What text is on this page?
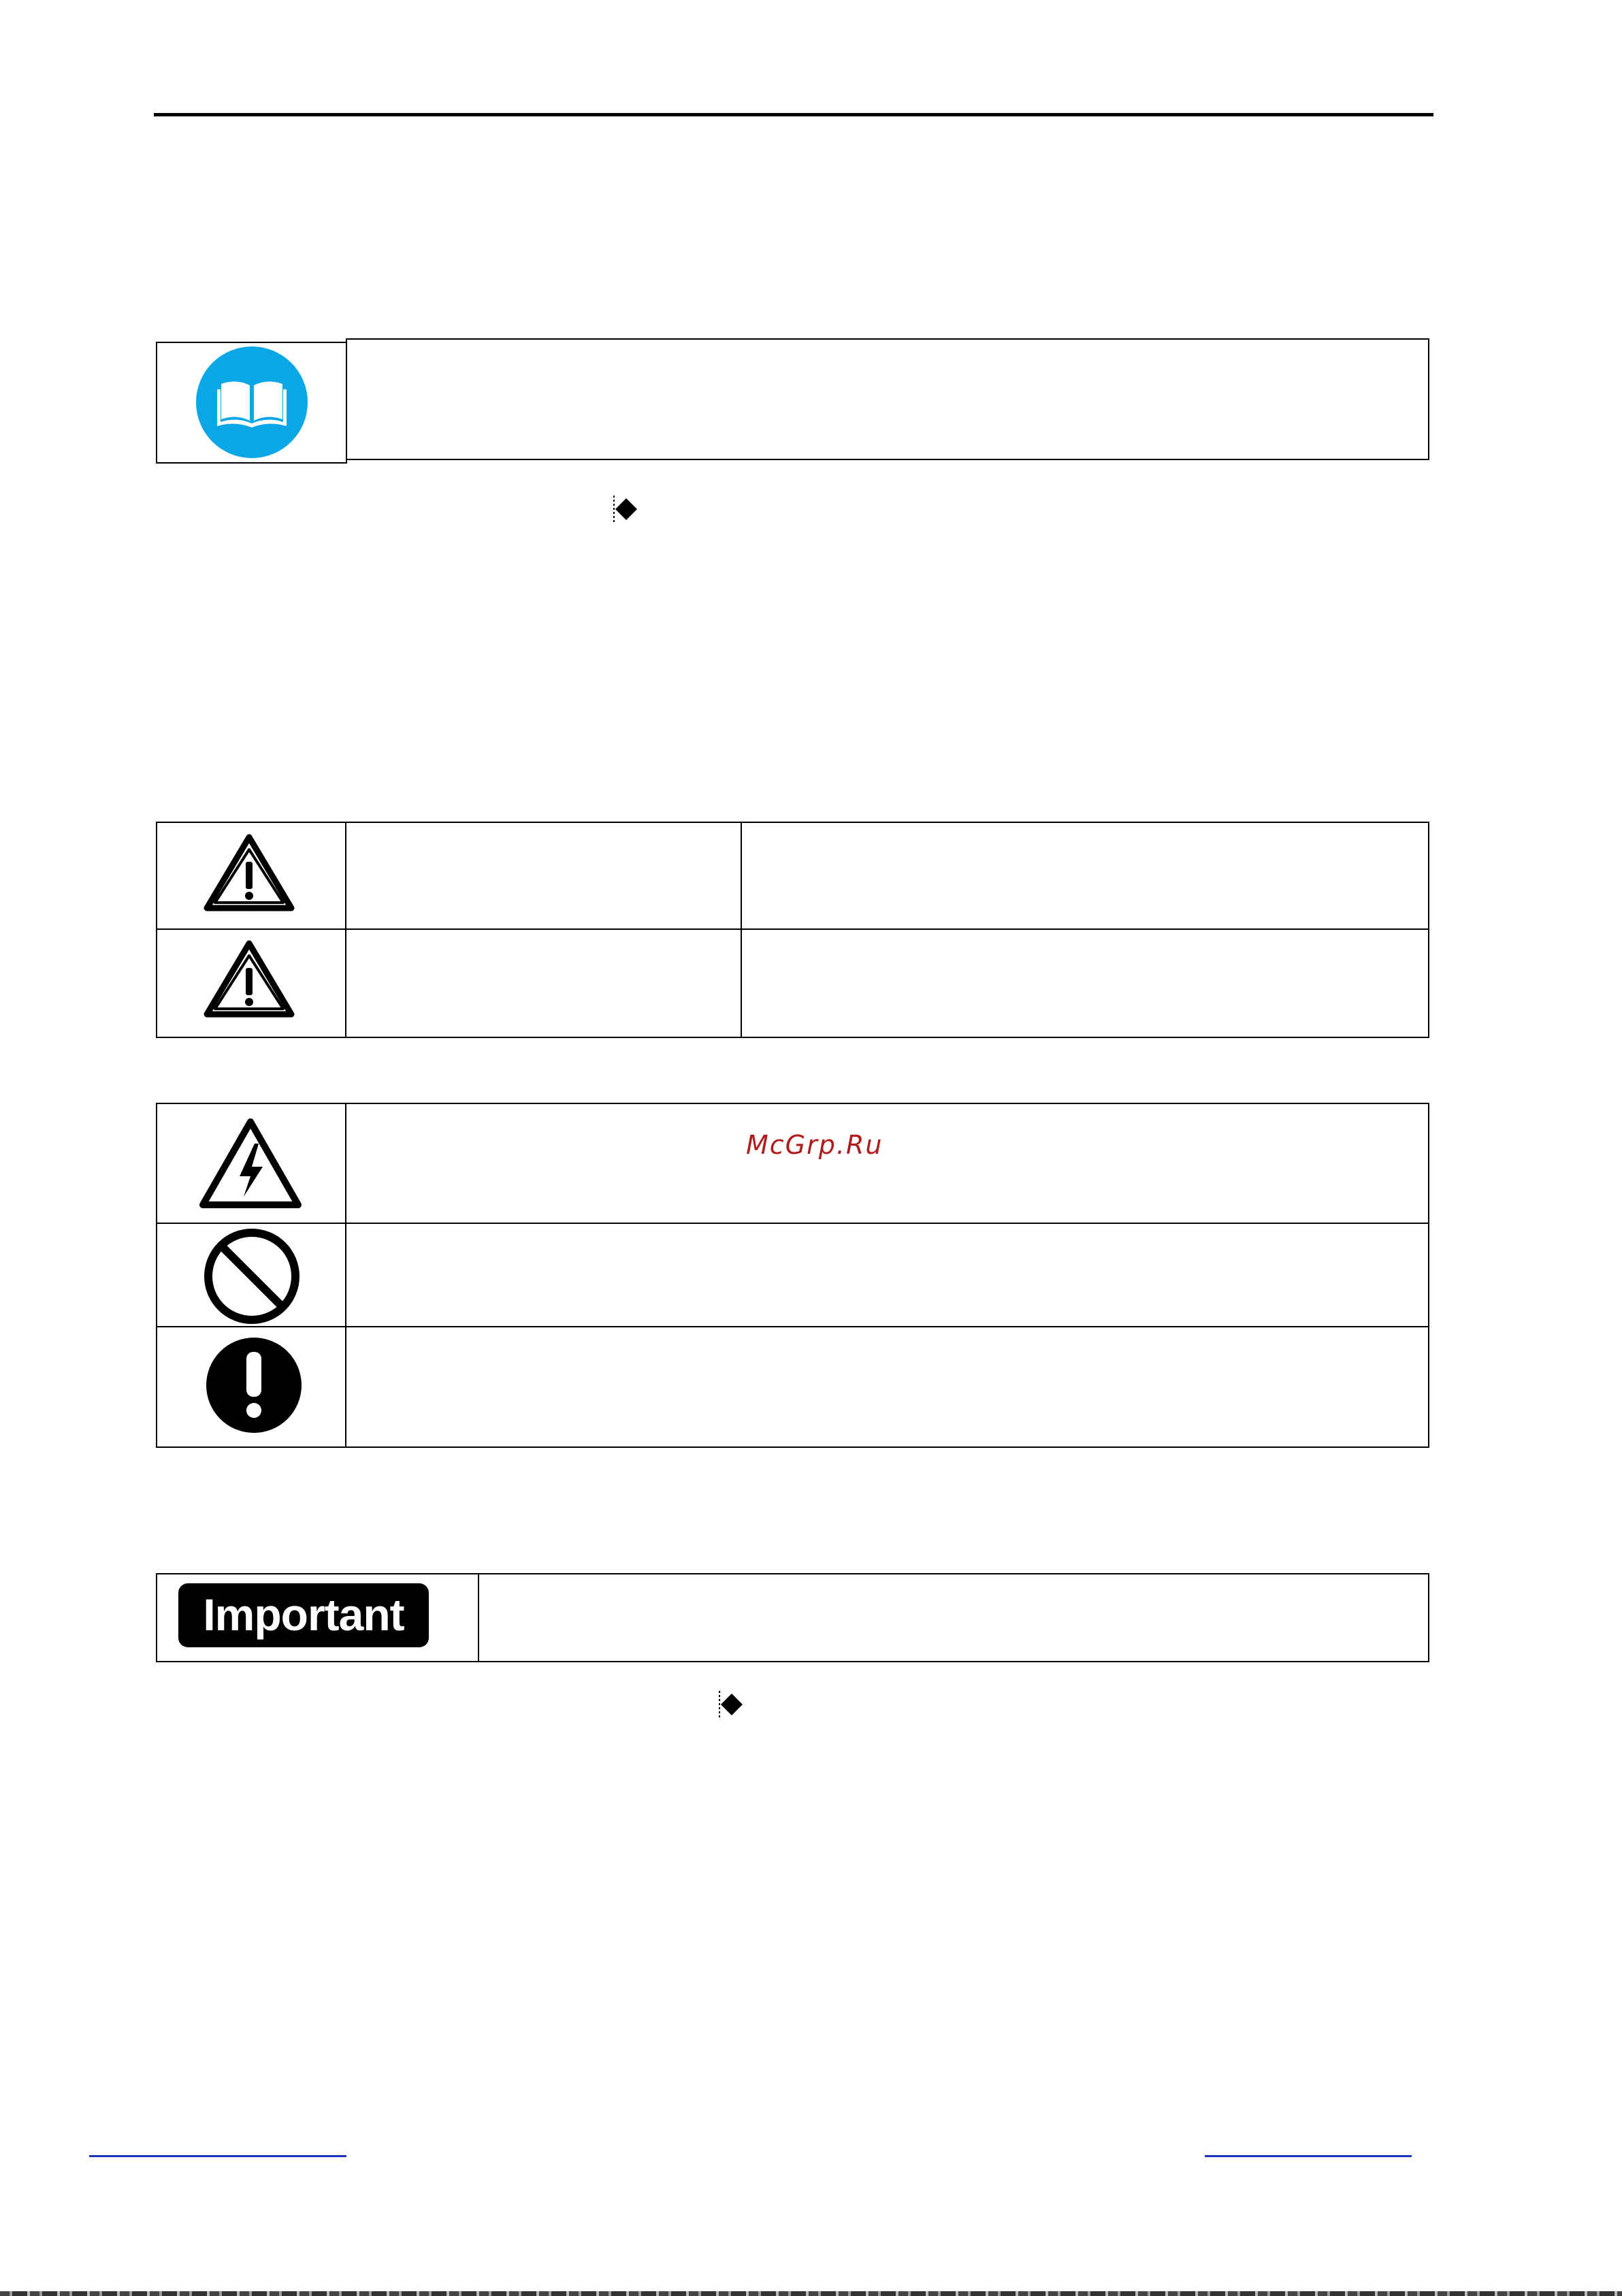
McGrp.Ru
Important
